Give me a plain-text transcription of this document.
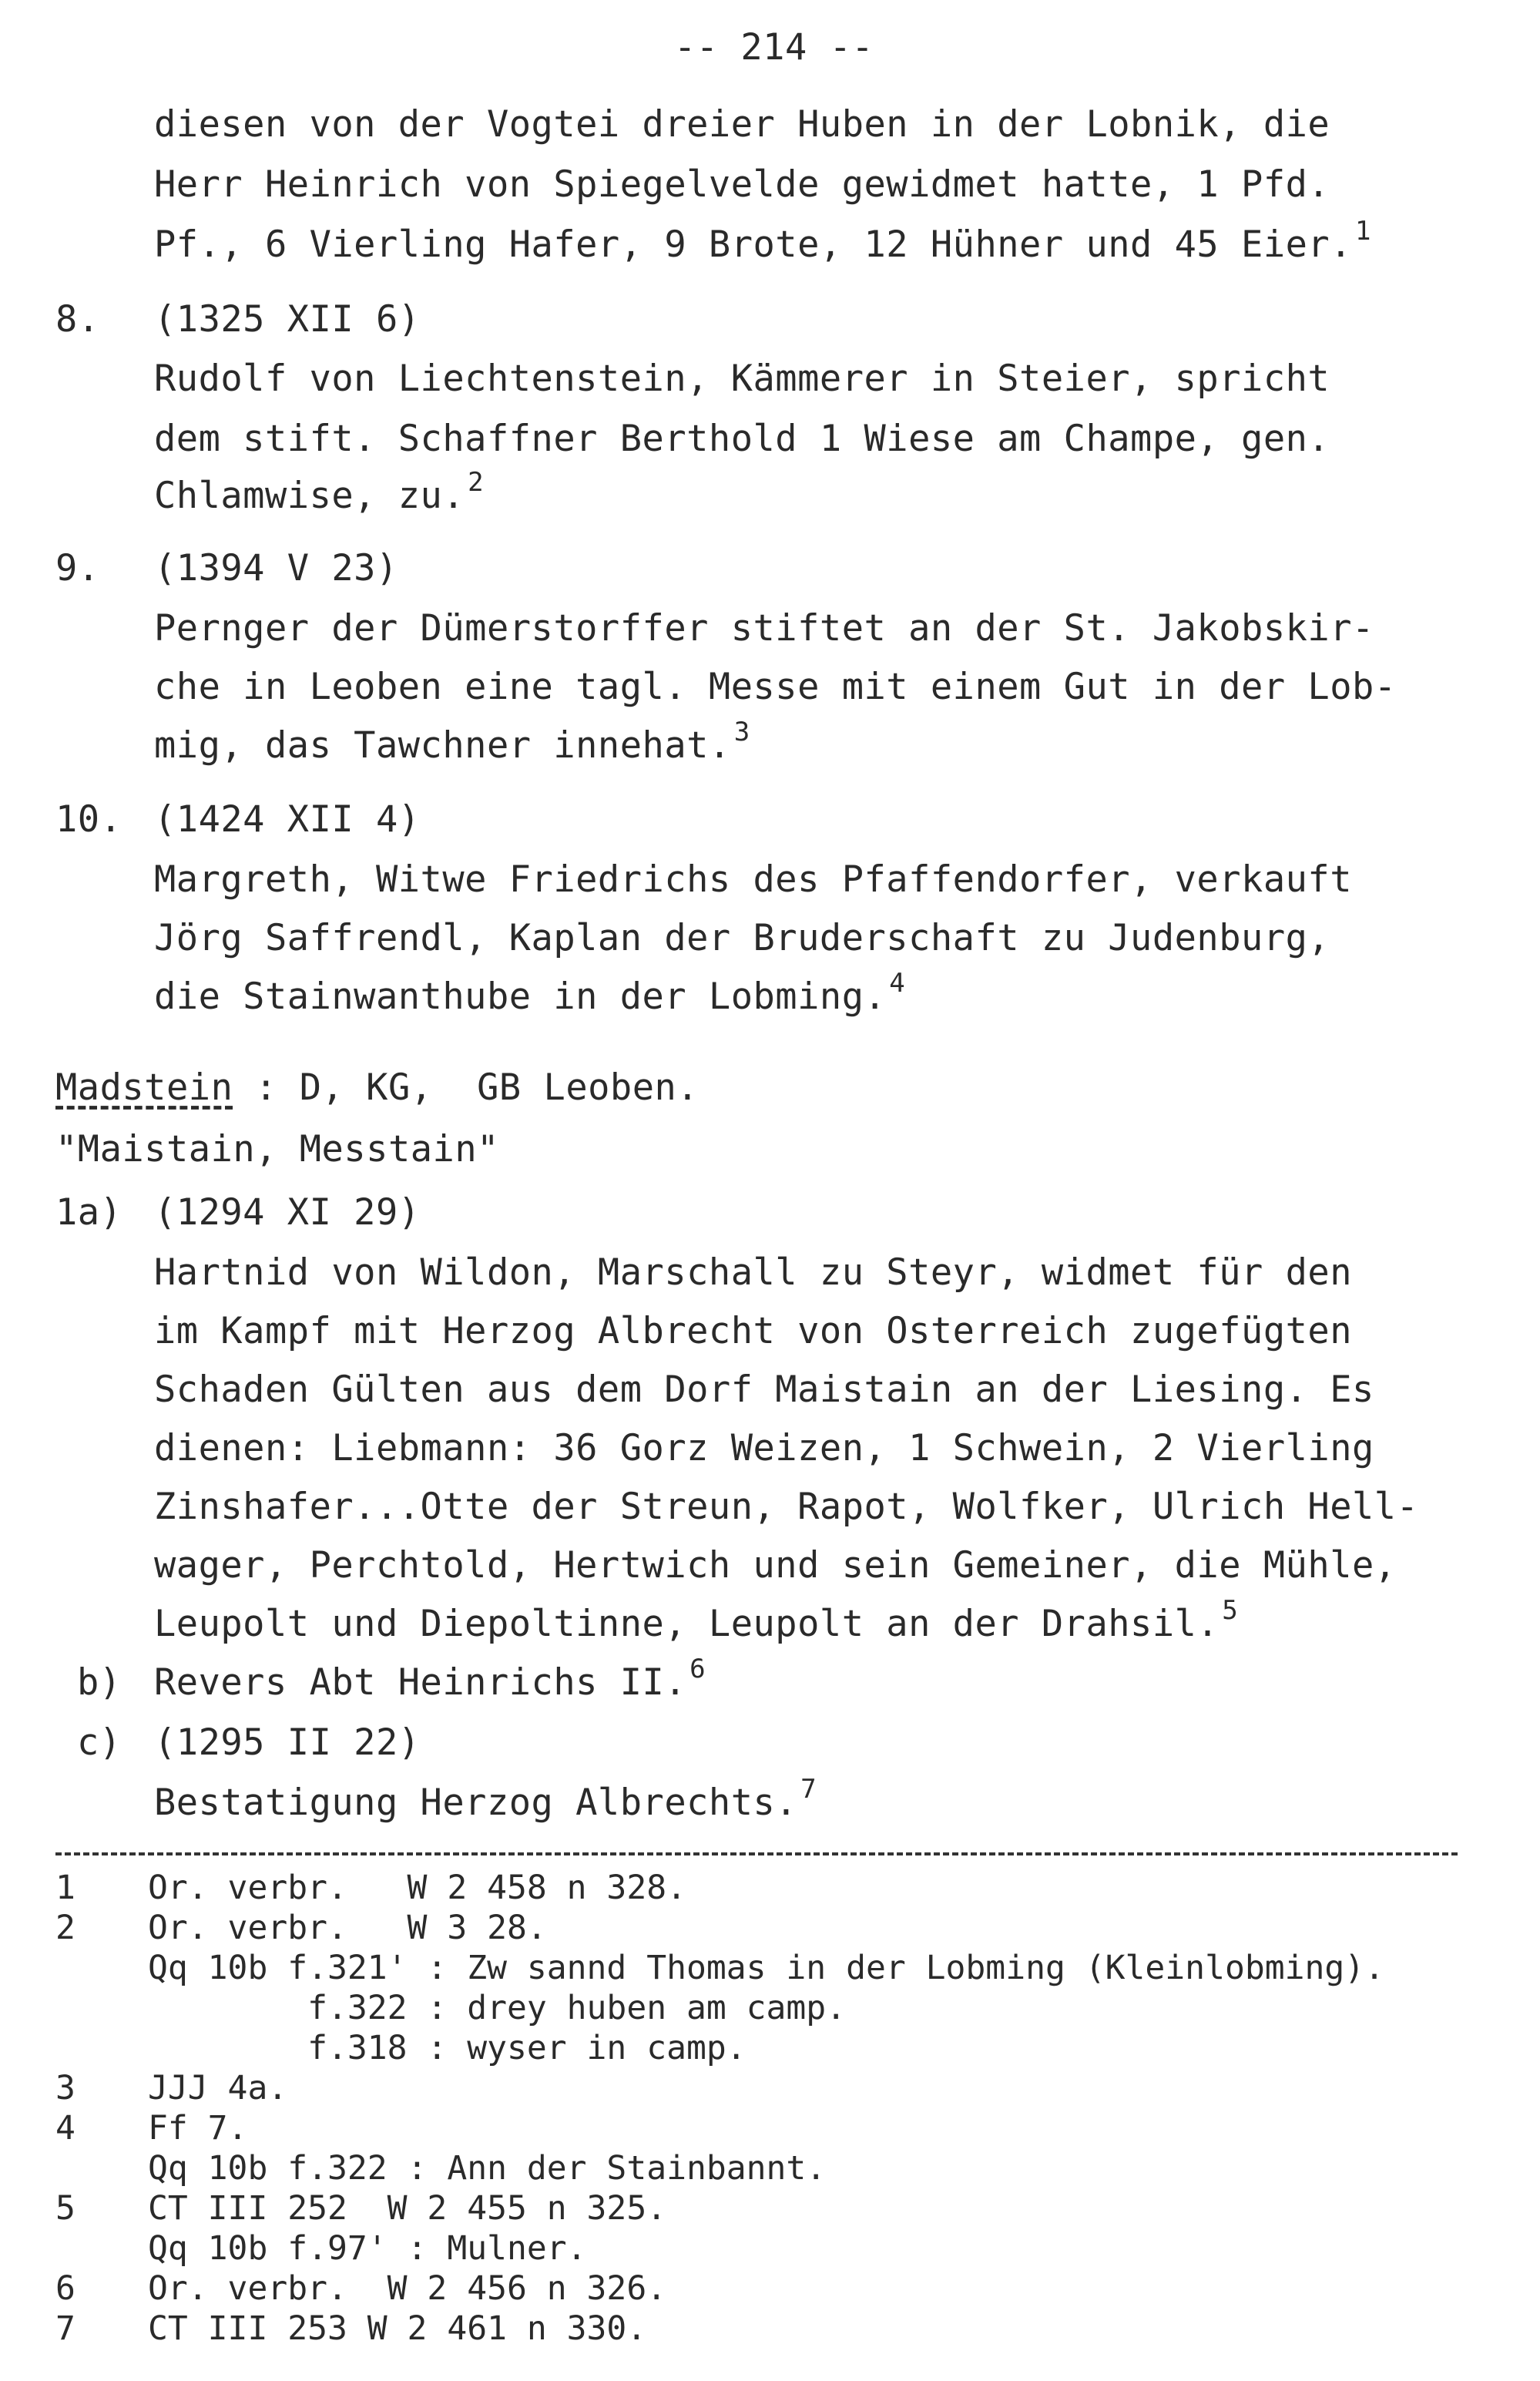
-- 214 --
diesen von der Vogtei dreier Huben in der Lobnik, die
Herr Heinrich von Spiegelvelde gewidmet hatte, 1 Pfd.
Pf., 6 Vierling Hafer, 9 Brote, 12 Hühner und 45 Eier. $^1$
8. (1325 XII 6)
Rudolf von Liechtenstein, Kämmerer in Steier, spricht
dem stift. Schaffner Berthold 1 Wiese am Champe, gen.
Chlamwise, zu. $^2$
9. (1394 V 23)
Pernger der Dümerstorffer stiftet an der St. Jakobskir-
che in Leoben eine tagl. Messe mit einem Gut in der Lob-
mig, das Tawchner innehat. $^3$
10. (1424 XII 4)
Margreth, Witwe Friedrichs des Pfaffendorfer, verkauft
Jörg Saffrendl, Kaplan der Bruderschaft zu Judenburg,
die Stainwanthube in der Lobming. $^4$
Madstein : D, KG,  GB Leoben.
"Maistain, Messtain"
1a) (1294 XI 29)
Hartnid von Wildon, Marschall zu Steyr, widmet für den
im Kampf mit Herzog Albrecht von Osterreich zugefügten
Schaden Gülten aus dem Dorf Maistain an der Liesing. Es
dienen: Liebmann: 36 Gorz Weizen, 1 Schwein, 2 Vierling
Zinshafer...Otte der Streun, Rapot, Wolfker, Ulrich Hell-
wager, Perchtold, Hertwich und sein Gemeiner, die Mühle,
Leupolt und Diepoltinne, Leupolt an der Drahsil. $^5$
b) Revers Abt Heinrichs II. $^6$
c) (1295 II 22)
Bestatigung Herzog Albrechts. $^7$
1 Or. verbr.   W 2 458 n 328.
2 Or. verbr.   W 3 28.
Qq 10b f.321' : Zw sannd Thomas in der Lobming (Kleinlobming).
f.322 : drey huben am camp.
f.318 : wyser in camp.
3 JJJ 4a.
4 Ff 7.
Qq 10b f.322 : Ann der Stainbannt.
5 CT III 252  W 2 455 n 325.
Qq 10b f.97' : Mulner.
6 Or. verbr.  W 2 456 n 326.
7 CT III 253 W 2 461 n 330.
